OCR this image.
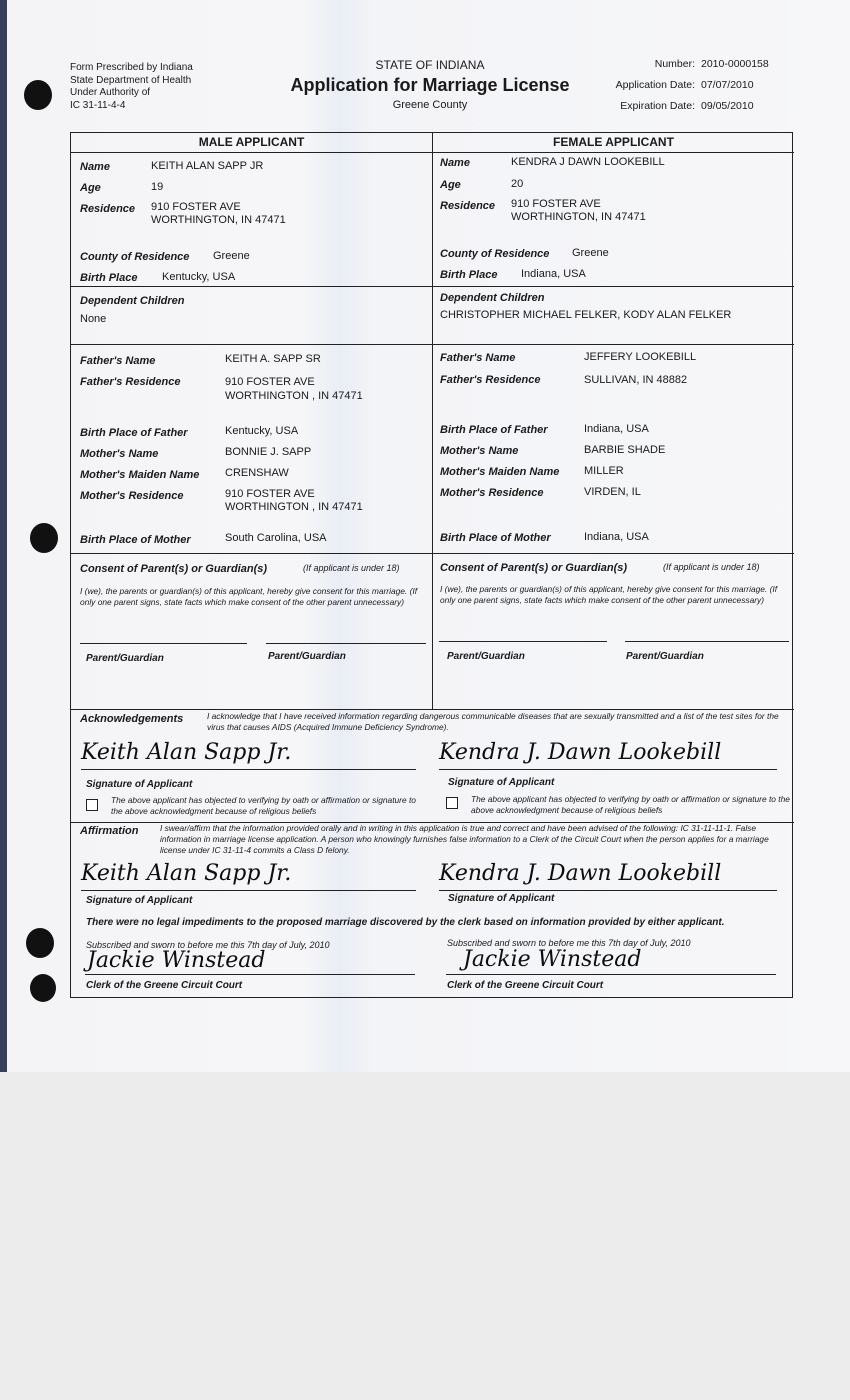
Form Prescribed by Indiana
State Department of Health
Under Authority of
IC 31-11-4-4
STATE OF INDIANA
Application for Marriage License
Greene County
Number: 2010-0000158
Application Date: 07/07/2010
Expiration Date: 09/05/2010
MALE APPLICANT	FEMALE APPLICANT
Name	KEITH ALAN SAPP JR
Age	19
Residence 910 FOSTER AVE
WORTHINGTON, IN 47471
County of Residence Greene
Birth Place Kentucky, USA
Dependent Children
None
Name	KENDRA J DAWN LOOKEBILL
Age	20
Residence 910 FOSTER AVE
WORTHINGTON, IN 47471
County of Residence Greene
Birth Place Indiana, USA
Dependent Children
CHRISTOPHER MICHAEL FELKER, KODY ALAN FELKER
Father's Name	KEITH A. SAPP SR
Father's Residence	910 FOSTER AVE
WORTHINGTON , IN 47471
Birth Place of Father	Kentucky, USA
Mother's Name	BONNIE J. SAPP
Mother's Maiden Name CRENSHAW
Mother's Residence	910 FOSTER AVE
WORTHINGTON , IN 47471
Birth Place of Mother	South Carolina, USA
Father's Name	JEFFERY LOOKEBILL
Father's Residence	SULLIVAN, IN 48882
Birth Place of Father	Indiana, USA
Mother's Name	BARBIE SHADE
Mother's Maiden Name MILLER
Mother's Residence	VIRDEN, IL
Birth Place of Mother	Indiana, USA
Consent of Parent(s) or Guardian(s)	(If applicant is under 18)
I (we), the parents or guardian(s) of this applicant, hereby give consent for this marriage. (If only one parent signs, state facts which make consent of the other parent unnecessary)
Parent/Guardian	Parent/Guardian
Consent of Parent(s) or Guardian(s)	(If applicant is under 18)
I (we), the parents or guardian(s) of this applicant, hereby give consent for this marriage. (If only one parent signs, state facts which make consent of the other parent unnecessary)
Parent/Guardian	Parent/Guardian
Acknowledgements	I acknowledge that I have received information regarding dangerous communicable diseases that are sexually transmitted and a list of the test sites for the virus that causes AIDS (Acquired Immune Deficiency Syndrome).
Keith Alan Sapp Jr.	Kendra J. Dawn Lookebill
Signature of Applicant	Signature of Applicant
The above applicant has objected to verifying by oath or affirmation or signature to the above acknowledgment because of religious beliefs
The above applicant has objected to verifying by oath or affirmation or signature to the above acknowledgment because of religious beliefs
Affirmation	I swear/affirm that the information provided orally and in writing in this application is true and correct and have been advised of the following: IC 31-11-11-1. False information in marriage license application. A person who knowingly furnishes false information to a Clerk of the Circuit Court when the person applies for a marriage license under IC 31-11-4 commits a Class D felony.
Keith Alan Sapp Jr.	Kendra J. Dawn Lookebill
Signature of Applicant	Signature of Applicant
There were no legal impediments to the proposed marriage discovered by the clerk based on information provided by either applicant.
Subscribed and sworn to before me this 7th day of July, 2010	Subscribed and sworn to before me this 7th day of July, 2010
Jackie Winstead	Jackie Winstead
Clerk of the Greene Circuit Court	Clerk of the Greene Circuit Court
